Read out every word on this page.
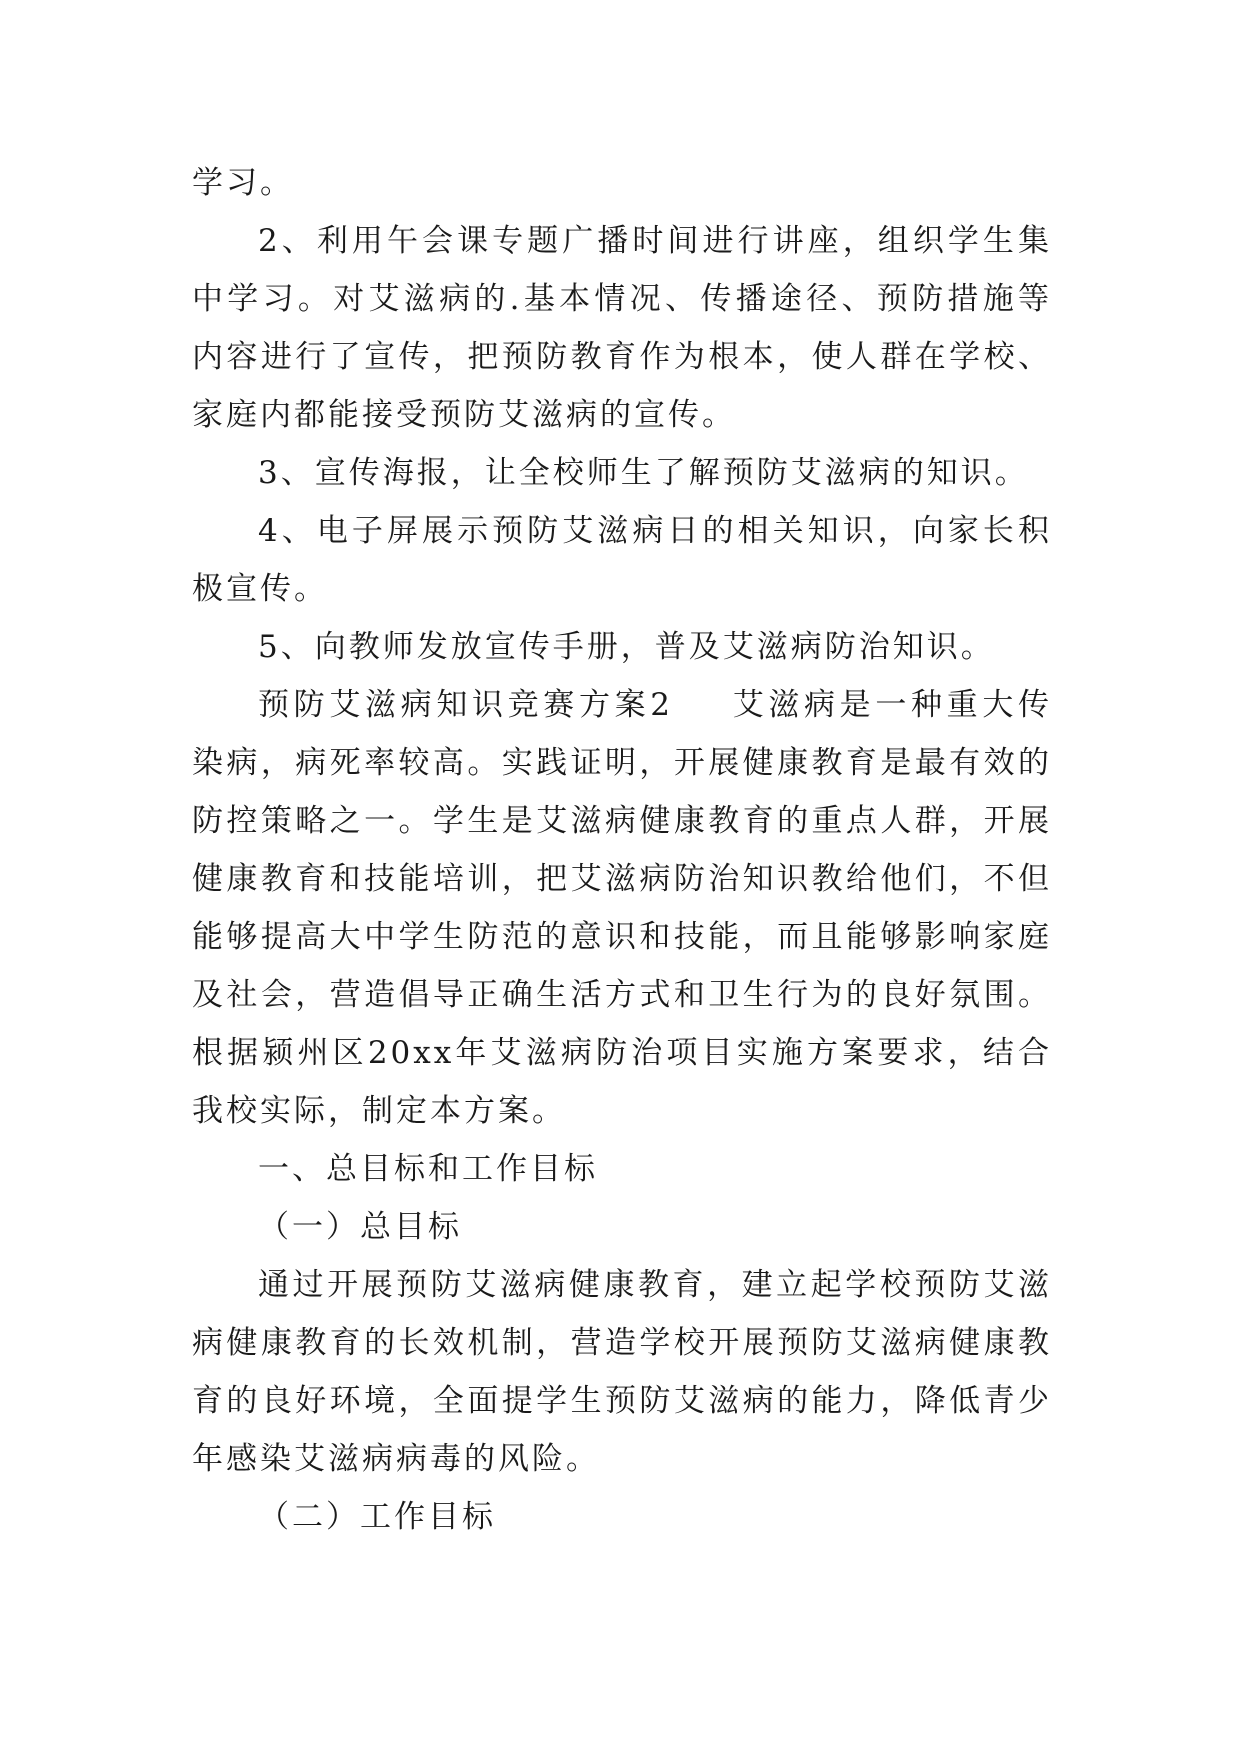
学习。

2、利用午会课专题广播时间进行讲座，组织学生集中学习。对艾滋病的.基本情况、传播途径、预防措施等内容进行了宣传，把预防教育作为根本，使人群在学校、家庭内都能接受预防艾滋病的宣传。

3、宣传海报，让全校师生了解预防艾滋病的知识。

4、电子屏展示预防艾滋病日的相关知识，向家长积极宣传。

5、向教师发放宣传手册，普及艾滋病防治知识。

预防艾滋病知识竞赛方案2 艾滋病是一种重大传染病，病死率较高。实践证明，开展健康教育是最有效的防控策略之一。学生是艾滋病健康教育的重点人群，开展健康教育和技能培训，把艾滋病防治知识教给他们，不但能够提高大中学生防范的意识和技能，而且能够影响家庭及社会，营造倡导正确生活方式和卫生行为的良好氛围。根据颍州区20xx年艾滋病防治项目实施方案要求，结合我校实际，制定本方案。

一、总目标和工作目标

（一）总目标

通过开展预防艾滋病健康教育，建立起学校预防艾滋病健康教育的长效机制，营造学校开展预防艾滋病健康教育的良好环境，全面提学生预防艾滋病的能力，降低青少年感染艾滋病病毒的风险。

（二）工作目标
